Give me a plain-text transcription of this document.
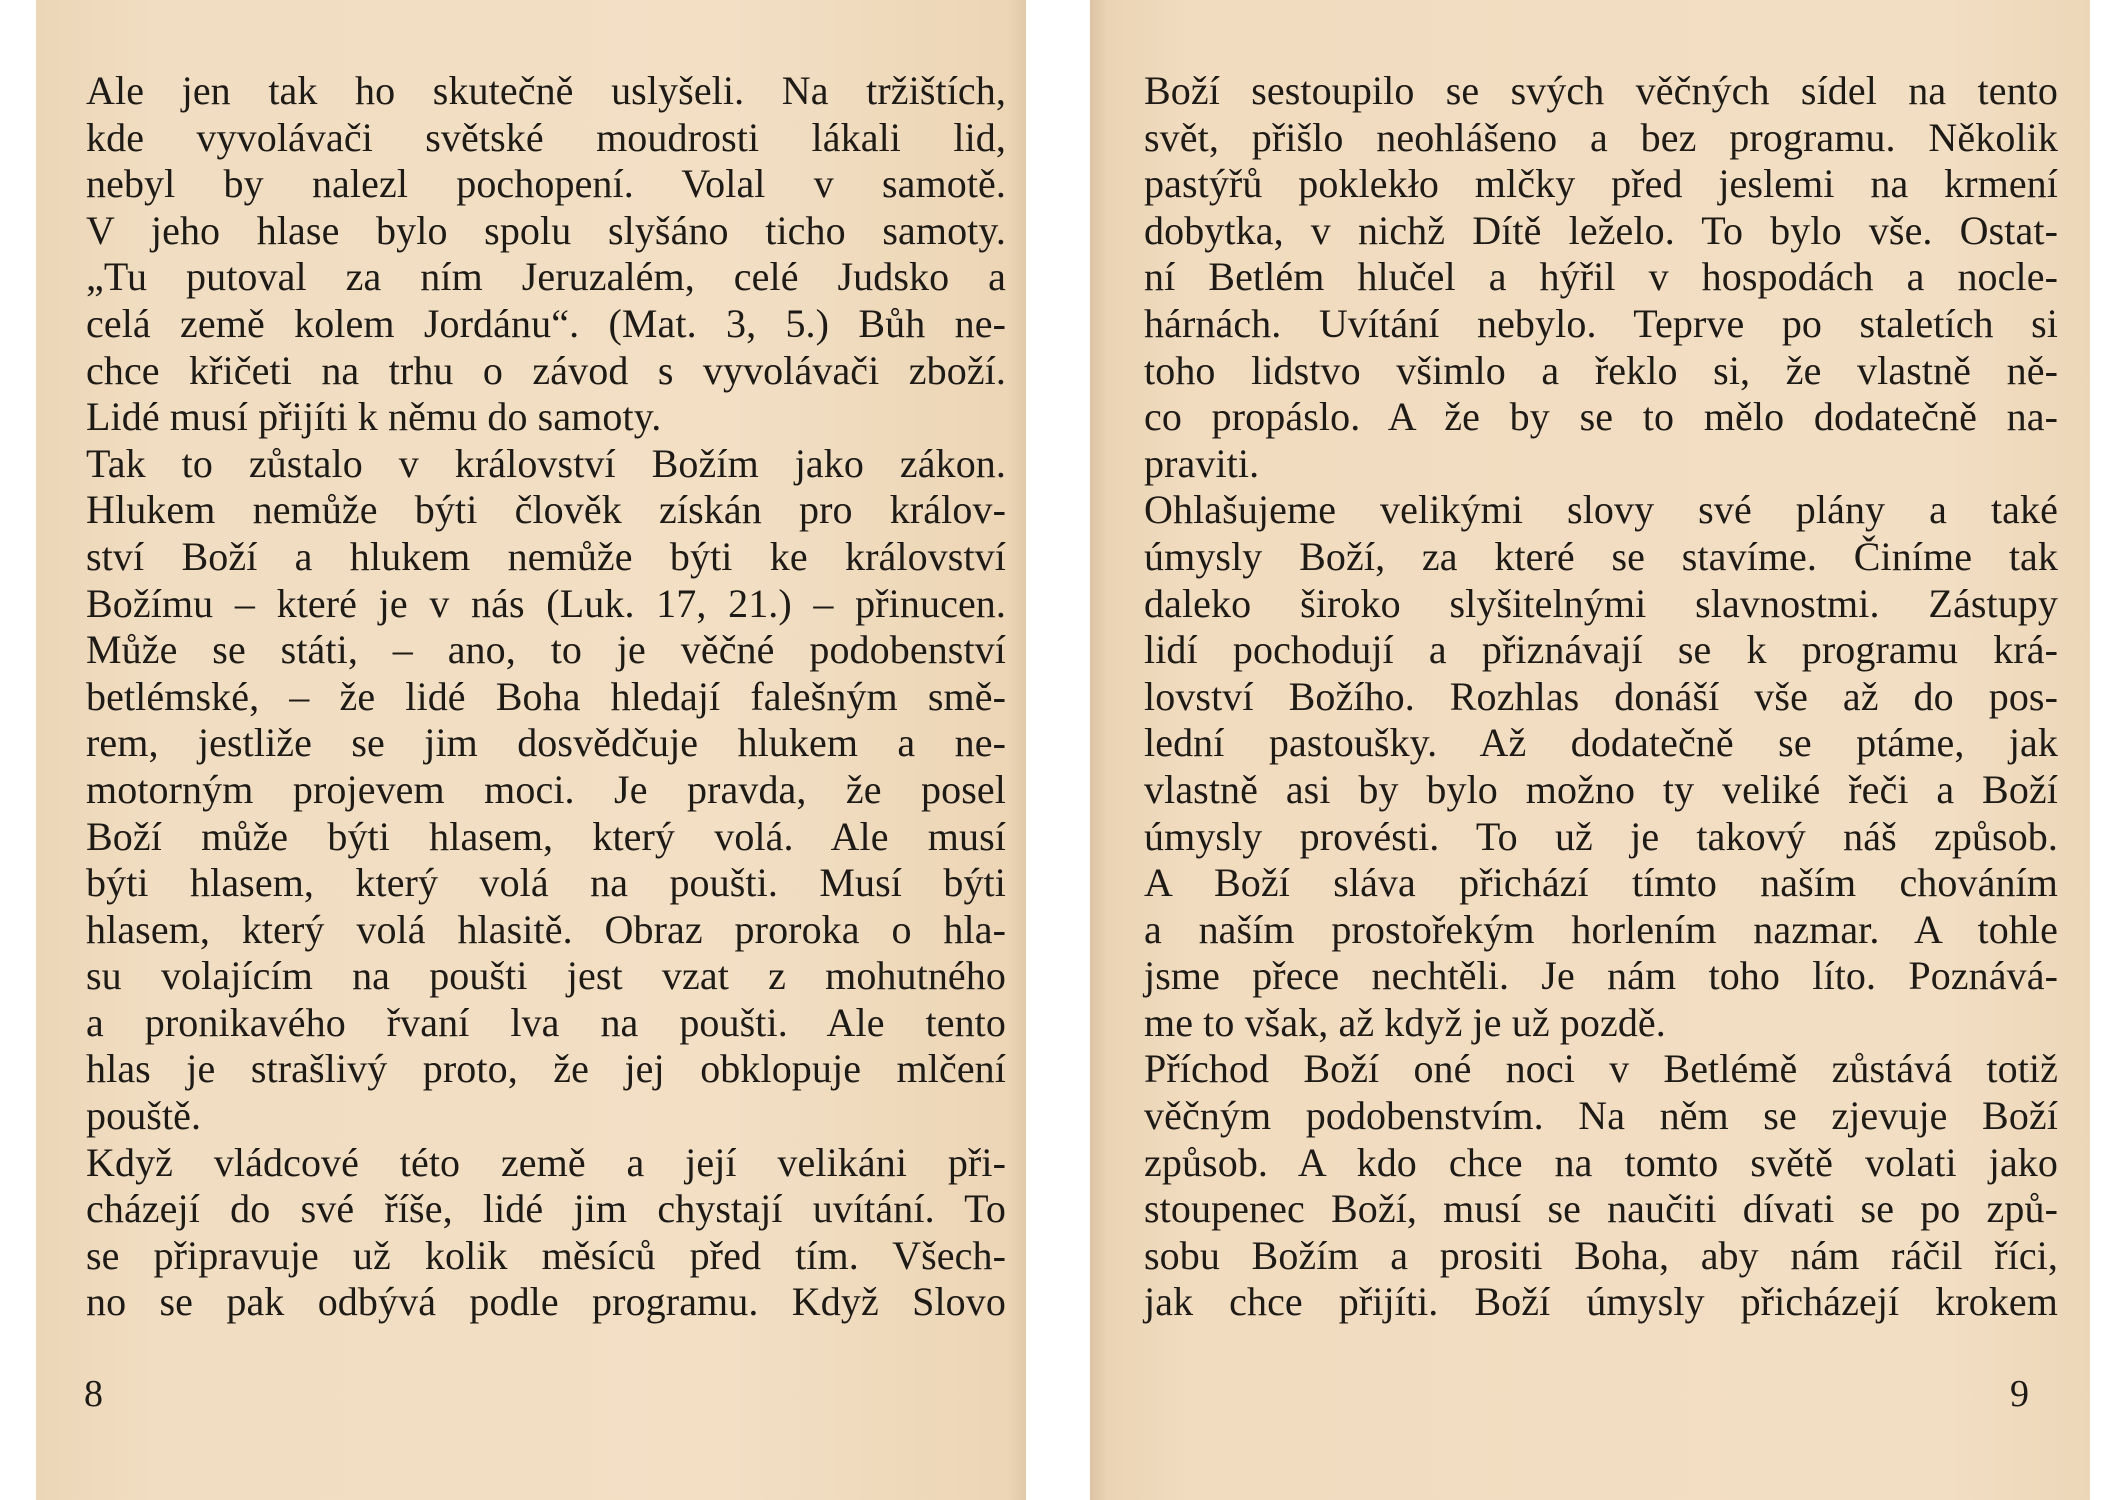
Ale jen tak ho skutečně uslyšeli. Na tržištích,
kde vyvolávači světské moudrosti lákali lid,
nebyl by nalezl pochopení. Volal v samotě.
V jeho hlase bylo spolu slyšáno ticho samoty.
„Tu putoval za ním Jeruzalém, celé Judsko a
celá země kolem Jordánu“. (Mat. 3, 5.) Bůh ne-
chce křičeti na trhu o závod s vyvolávači zboží.
Lidé musí přijíti k němu do samoty.
Tak to zůstalo v království Božím jako zákon.
Hlukem nemůže býti člověk získán pro králov-
ství Boží a hlukem nemůže býti ke království
Božímu – které je v nás (Luk. 17, 21.) – přinucen.
Může se státi, – ano, to je věčné podobenství
betlémské, – že lidé Boha hledají falešným smě-
rem, jestliže se jim dosvědčuje hlukem a ne-
motorným projevem moci. Je pravda, že posel
Boží může býti hlasem, který volá. Ale musí
býti hlasem, který volá na poušti. Musí býti
hlasem, který volá hlasitě. Obraz proroka o hla-
su volajícím na poušti jest vzat z mohutného
a pronikavého řvaní lva na poušti. Ale tento
hlas je strašlivý proto, že jej obklopuje mlčení
pouště.
Když vládcové této země a její velikáni při-
cházejí do své říše, lidé jim chystají uvítání. To
se připravuje už kolik měsíců před tím. Všech-
no se pak odbývá podle programu. Když Slovo
8
Boží sestoupilo se svých věčných sídel na tento
svět, přišlo neohlášeno a bez programu. Několik
pastýřů poklekło mlčky před jeslemi na krmení
dobytka, v nichž Dítě leželo. To bylo vše. Ostat-
ní Betlém hlučel a hýřil v hospodách a nocle-
hárnách. Uvítání nebylo. Teprve po staletích si
toho lidstvo všimlo a řeklo si, že vlastně ně-
co propáslo. A že by se to mělo dodatečně na-
praviti.
Ohlašujeme velikými slovy své plány a také
úmysly Boží, za které se stavíme. Činíme tak
daleko široko slyšitelnými slavnostmi. Zástupy
lidí pochodují a přiznávají se k programu krá-
lovství Božího. Rozhlas donáší vše až do pos-
lední pastoušky. Až dodatečně se ptáme, jak
vlastně asi by bylo možno ty veliké řeči a Boží
úmysly provésti. To už je takový náš způsob.
A Boží sláva přichází tímto naším chováním
a naším prostořekým horlením nazmar. A tohle
jsme přece nechtěli. Je nám toho líto. Poznává-
me to však, až když je už pozdě.
Příchod Boží oné noci v Betlémě zůstává totiž
věčným podobenstvím. Na něm se zjevuje Boží
způsob. A kdo chce na tomto světě volati jako
stoupenec Boží, musí se naučiti dívati se po způ-
sobu Božím a prositi Boha, aby nám ráčil říci,
jak chce přijíti. Boží úmysly přicházejí krokem
9
